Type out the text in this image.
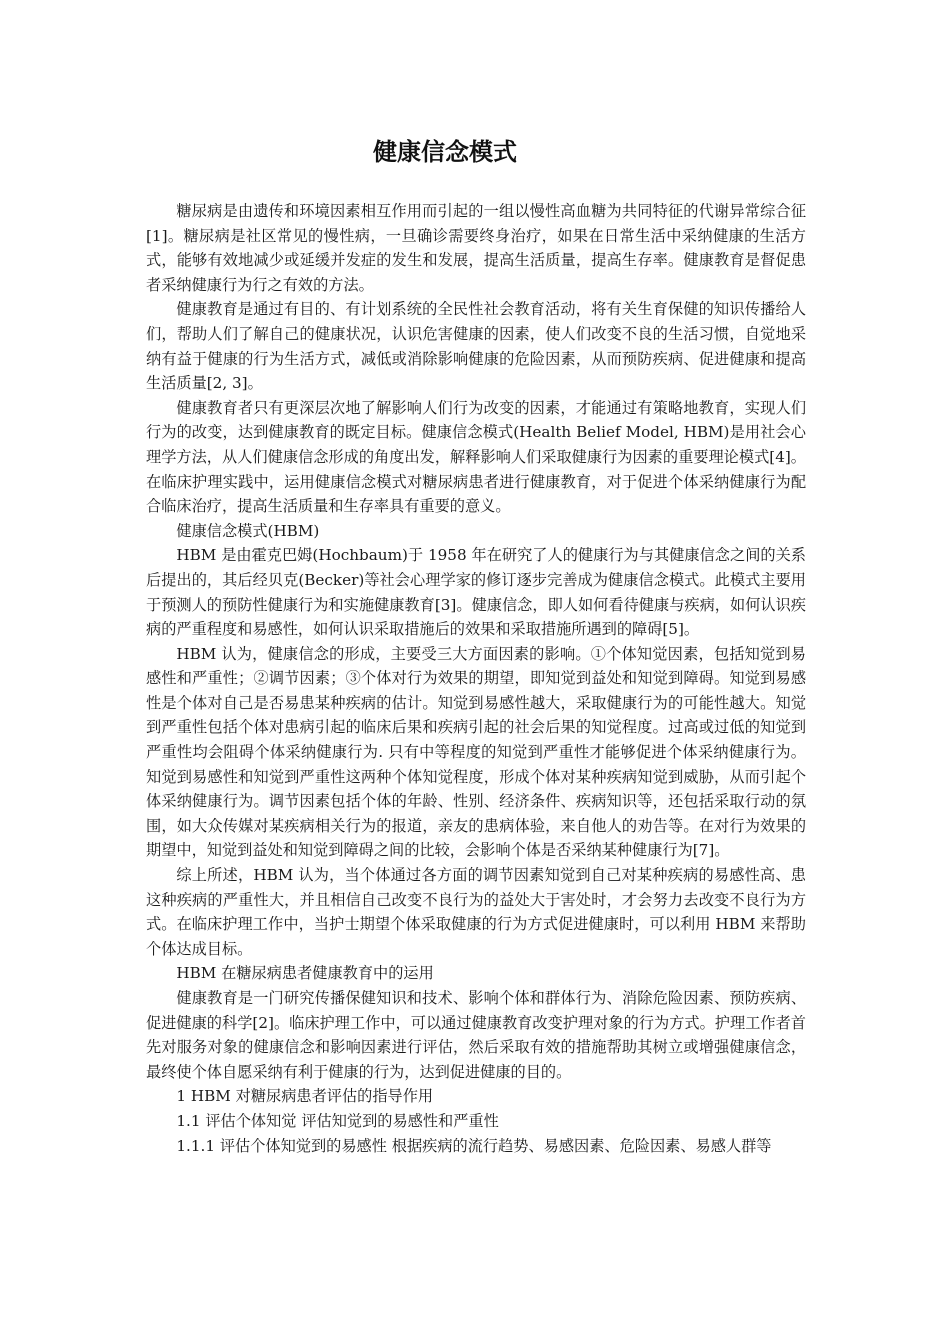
健康信念模式

糖尿病是由遗传和环境因素相互作用而引起的一组以慢性高血糖为共同特征的代谢异常综合征[1]。糖尿病是社区常见的慢性病，一旦确诊需要终身治疗，如果在日常生活中采纳健康的生活方式，能够有效地减少或延缓并发症的发生和发展，提高生活质量，提高生存率。健康教育是督促患者采纳健康行为行之有效的方法。

健康教育是通过有目的、有计划系统的全民性社会教育活动，将有关生育保健的知识传播给人们，帮助人们了解自己的健康状况，认识危害健康的因素，使人们改变不良的生活习惯，自觉地采纳有益于健康的行为生活方式，减低或消除影响健康的危险因素，从而预防疾病、促进健康和提高生活质量[2, 3]。

健康教育者只有更深层次地了解影响人们行为改变的因素，才能通过有策略地教育，实现人们行为的改变，达到健康教育的既定目标。健康信念模式(Health Belief Model, HBM)是用社会心理学方法，从人们健康信念形成的角度出发，解释影响人们采取健康行为因素的重要理论模式[4]。在临床护理实践中，运用健康信念模式对糖尿病患者进行健康教育，对于促进个体采纳健康行为配合临床治疗，提高生活质量和生存率具有重要的意义。

健康信念模式(HBM)

HBM 是由霍克巴姆(Hochbaum)于 1958 年在研究了人的健康行为与其健康信念之间的关系后提出的，其后经贝克(Becker)等社会心理学家的修订逐步完善成为健康信念模式。此模式主要用于预测人的预防性健康行为和实施健康教育[3]。健康信念，即人如何看待健康与疾病，如何认识疾病的严重程度和易感性，如何认识采取措施后的效果和采取措施所遇到的障碍[5]。

HBM 认为，健康信念的形成，主要受三大方面因素的影响。①个体知觉因素，包括知觉到易感性和严重性；②调节因素；③个体对行为效果的期望，即知觉到益处和知觉到障碍。知觉到易感性是个体对自己是否易患某种疾病的估计。知觉到易感性越大，采取健康行为的可能性越大。知觉到严重性包括个体对患病引起的临床后果和疾病引起的社会后果的知觉程度。过高或过低的知觉到严重性均会阻碍个体采纳健康行为. 只有中等程度的知觉到严重性才能够促进个体采纳健康行为。知觉到易感性和知觉到严重性这两种个体知觉程度，形成个体对某种疾病知觉到威胁，从而引起个体采纳健康行为。调节因素包括个体的年龄、性别、经济条件、疾病知识等，还包括采取行动的氛围，如大众传媒对某疾病相关行为的报道，亲友的患病体验，来自他人的劝告等。在对行为效果的期望中，知觉到益处和知觉到障碍之间的比较，会影响个体是否采纳某种健康行为[7]。

综上所述，HBM 认为，当个体通过各方面的调节因素知觉到自己对某种疾病的易感性高、患这种疾病的严重性大，并且相信自己改变不良行为的益处大于害处时，才会努力去改变不良行为方式。在临床护理工作中，当护士期望个体采取健康的行为方式促进健康时，可以利用 HBM 来帮助个体达成目标。

HBM 在糖尿病患者健康教育中的运用

健康教育是一门研究传播保健知识和技术、影响个体和群体行为、消除危险因素、预防疾病、促进健康的科学[2]。临床护理工作中，可以通过健康教育改变护理对象的行为方式。护理工作者首先对服务对象的健康信念和影响因素进行评估，然后采取有效的措施帮助其树立或增强健康信念，最终使个体自愿采纳有利于健康的行为，达到促进健康的目的。

1 HBM 对糖尿病患者评估的指导作用

1.1 评估个体知觉 评估知觉到的易感性和严重性

1.1.1 评估个体知觉到的易感性 根据疾病的流行趋势、易感因素、危险因素、易感人群等
